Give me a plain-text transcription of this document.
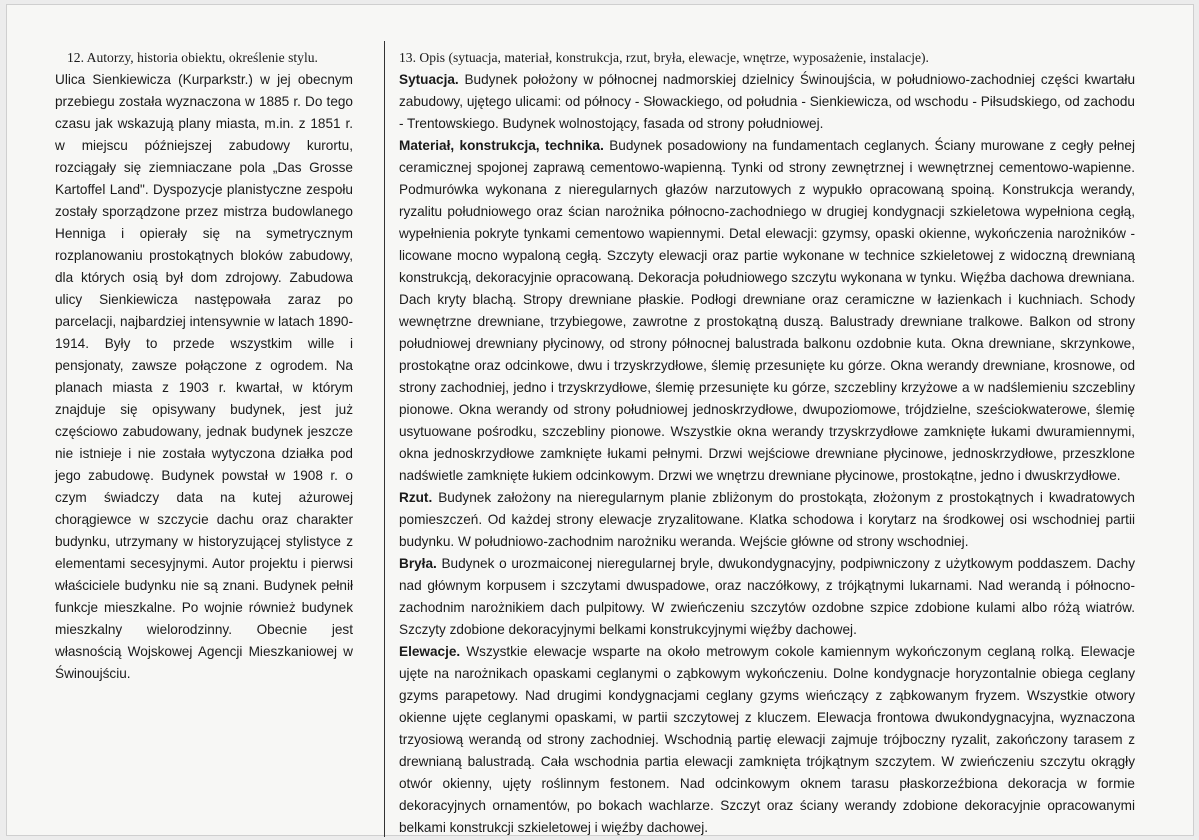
12. Autorzy, historia obiektu, określenie stylu.

Ulica Sienkiewicza (Kurparkstr.) w jej obecnym przebiegu została wyznaczona w 1885 r. Do tego czasu jak wskazują plany miasta, m.in. z 1851 r. w miejscu późniejszej zabudowy kurortu, rozciągały się ziemniaczane pola „Das Grosse Kartoffel Land". Dyspozycje planistyczne zespołu zostały sporządzone przez mistrza budowlanego Henniga i opierały się na symetrycznym rozplanowaniu prostokątnych bloków zabudowy, dla których osią był dom zdrojowy. Zabudowa ulicy Sienkiewicza następowała zaraz po parcelacji, najbardziej intensywnie w latach 1890-1914. Były to przede wszystkim wille i pensjonaty, zawsze połączone z ogrodem. Na planach miasta z 1903 r. kwartał, w którym znajduje się opisywany budynek, jest już częściowo zabudowany, jednak budynek jeszcze nie istnieje i nie została wytyczona działka pod jego zabudowę. Budynek powstał w 1908 r. o czym świadczy data na kutej ażurowej chorągiewce w szczycie dachu oraz charakter budynku, utrzymany w historyzującej stylistyce z elementami secesyjnymi. Autor projektu i pierwsi właściciele budynku nie są znani. Budynek pełnił funkcje mieszkalne. Po wojnie również budynek mieszkalny wielorodzinny. Obecnie jest własnością Wojskowej Agencji Mieszkaniowej w Świnoujściu.

13. Opis (sytuacja, materiał, konstrukcja, rzut, bryła, elewacje, wnętrze, wyposażenie, instalacje).

Sytuacja. Budynek położony w północnej nadmorskiej dzielnicy Świnoujścia, w południowo-zachodniej części kwartału zabudowy, ujętego ulicami: od północy - Słowackiego, od południa - Sienkiewicza, od wschodu - Piłsudskiego, od zachodu - Trentowskiego. Budynek wolnostojący, fasada od strony południowej.

Materiał, konstrukcja, technika. Budynek posadowiony na fundamentach ceglanych. Ściany murowane z cegły pełnej ceramicznej spojonej zaprawą cementowo-wapienną. Tynki od strony zewnętrznej i wewnętrznej cementowo-wapienne. Podmurówka wykonana z nieregularnych głazów narzutowych z wypukło opracowaną spoiną. Konstrukcja werandy, ryzalitu południowego oraz ścian narożnika północno-zachodniego w drugiej kondygnacji szkieletowa wypełniona cegłą, wypełnienia pokryte tynkami cementowo wapiennymi. Detal elewacji: gzymsy, opaski okienne, wykończenia narożników - licowane mocno wypaloną cegłą. Szczyty elewacji oraz partie wykonane w technice szkieletowej z widoczną drewnianą konstrukcją, dekoracyjnie opracowaną. Dekoracja południowego szczytu wykonana w tynku. Więźba dachowa drewniana. Dach kryty blachą. Stropy drewniane płaskie. Podłogi drewniane oraz ceramiczne w łazienkach i kuchniach. Schody wewnętrzne drewniane, trzybiegowe, zawrotne z prostokątną duszą. Balustrady drewniane tralkowe. Balkon od strony południowej drewniany płycinowy, od strony północnej balustrada balkonu ozdobnie kuta. Okna drewniane, skrzynkowe, prostokątne oraz odcinkowe, dwu i trzyskrzydłowe, ślemię przesunięte ku górze. Okna werandy drewniane, krosnowe, od strony zachodniej, jedno i trzyskrzydłowe, ślemię przesunięte ku górze, szczebliny krzyżowe a w nadślemieniu szczebliny pionowe. Okna werandy od strony południowej jednoskrzydłowe, dwupoziomowe, trójdzielne, sześciokwaterowe, ślemię usytuowane pośrodku, szczebliny pionowe. Wszystkie okna werandy trzyskrzydłowe zamknięte łukami dwuramiennymi, okna jednoskrzydłowe zamknięte łukami pełnymi. Drzwi wejściowe drewniane płycinowe, jednoskrzydłowe, przeszklone nadświetle zamknięte łukiem odcinkowym. Drzwi we wnętrzu drewniane płycinowe, prostokątne, jedno i dwuskrzydłowe.

Rzut. Budynek założony na nieregularnym planie zbliżonym do prostokąta, złożonym z prostokątnych i kwadratowych pomieszczeń. Od każdej strony elewacje zryzalitowane. Klatka schodowa i korytarz na środkowej osi wschodniej partii budynku. W południowo-zachodnim narożniku weranda. Wejście główne od strony wschodniej.

Bryła. Budynek o urozmaiconej nieregularnej bryle, dwukondygnacyjny, podpiwniczony z użytkowym poddaszem. Dachy nad głównym korpusem i szczytami dwuspadowe, oraz naczółkowy, z trójkątnymi lukarnami. Nad werandą i północno-zachodnim narożnikiem dach pulpitowy. W zwieńczeniu szczytów ozdobne szpice zdobione kulami albo różą wiatrów. Szczyty zdobione dekoracyjnymi belkami konstrukcyjnymi więźby dachowej.

Elewacje. Wszystkie elewacje wsparte na około metrowym cokole kamiennym wykończonym ceglaną rolką. Elewacje ujęte na narożnikach opaskami ceglanymi o ząbkowym wykończeniu. Dolne kondygnacje horyzontalnie obiega ceglany gzyms parapetowy. Nad drugimi kondygnacjami ceglany gzyms wieńczący z ząbkowanym fryzem. Wszystkie otwory okienne ujęte ceglanymi opaskami, w partii szczytowej z kluczem. Elewacja frontowa dwukondygnacyjna, wyznaczona trzyosiową werandą od strony zachodniej. Wschodnią partię elewacji zajmuje trójboczny ryzalit, zakończony tarasem z drewnianą balustradą. Cała wschodnia partia elewacji zamknięta trójkątnym szczytem. W zwieńczeniu szczytu okrągły otwór okienny, ujęty roślinnym festonem. Nad odcinkowym oknem tarasu płaskorzeźbiona dekoracja w formie dekoracyjnych ornamentów, po bokach wachlarze. Szczyt oraz ściany werandy zdobione dekoracyjnie opracowanymi belkami konstrukcji szkieletowej i więźby dachowej.
